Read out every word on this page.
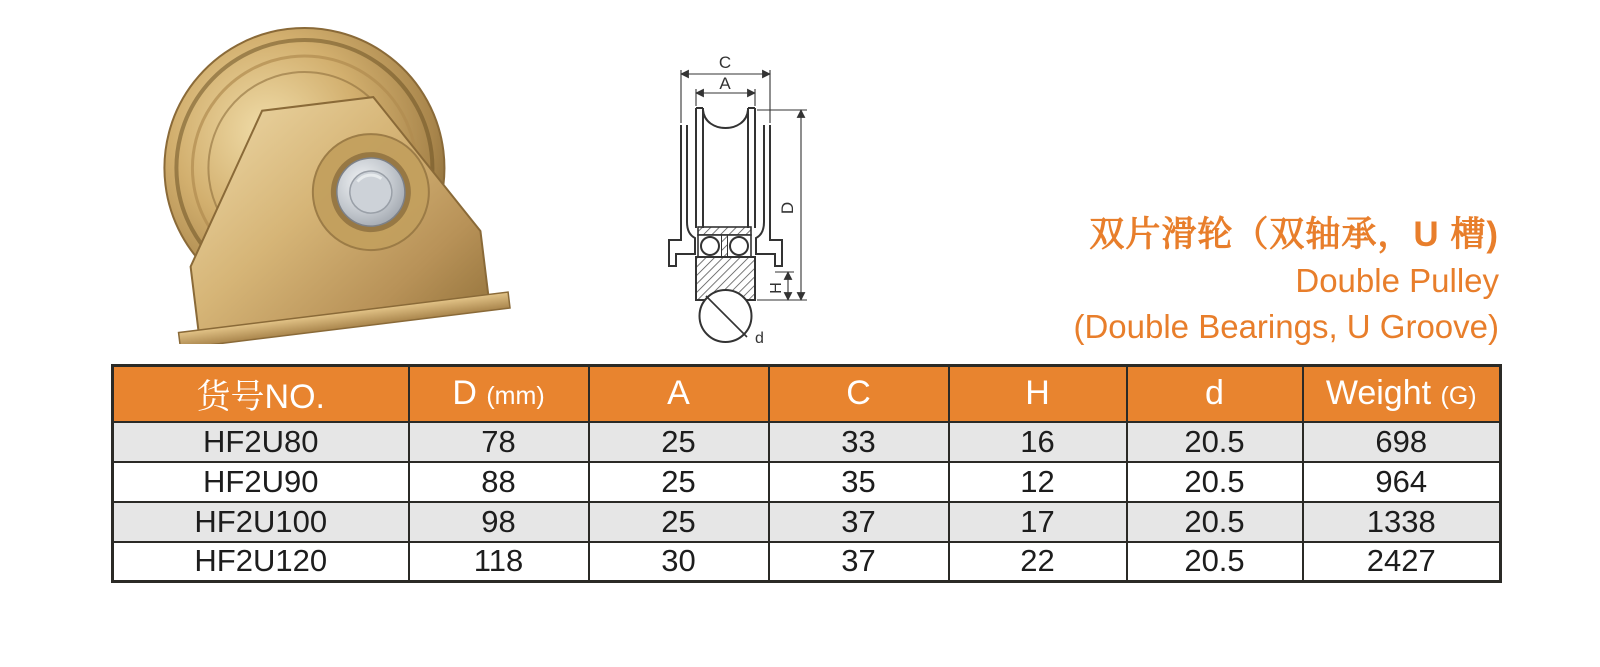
C
A
D
H
d
双片滑轮（双轴承，U 槽)
Double Pulley
(Double Bearings, U Groove)
货号NO.	D (mm)	A	C	H	d	Weight (G)
HF2U80	78	25	33	16	20.5	698
HF2U90	88	25	35	12	20.5	964
HF2U100	98	25	37	17	20.5	1338
HF2U120	118	30	37	22	20.5	2427
